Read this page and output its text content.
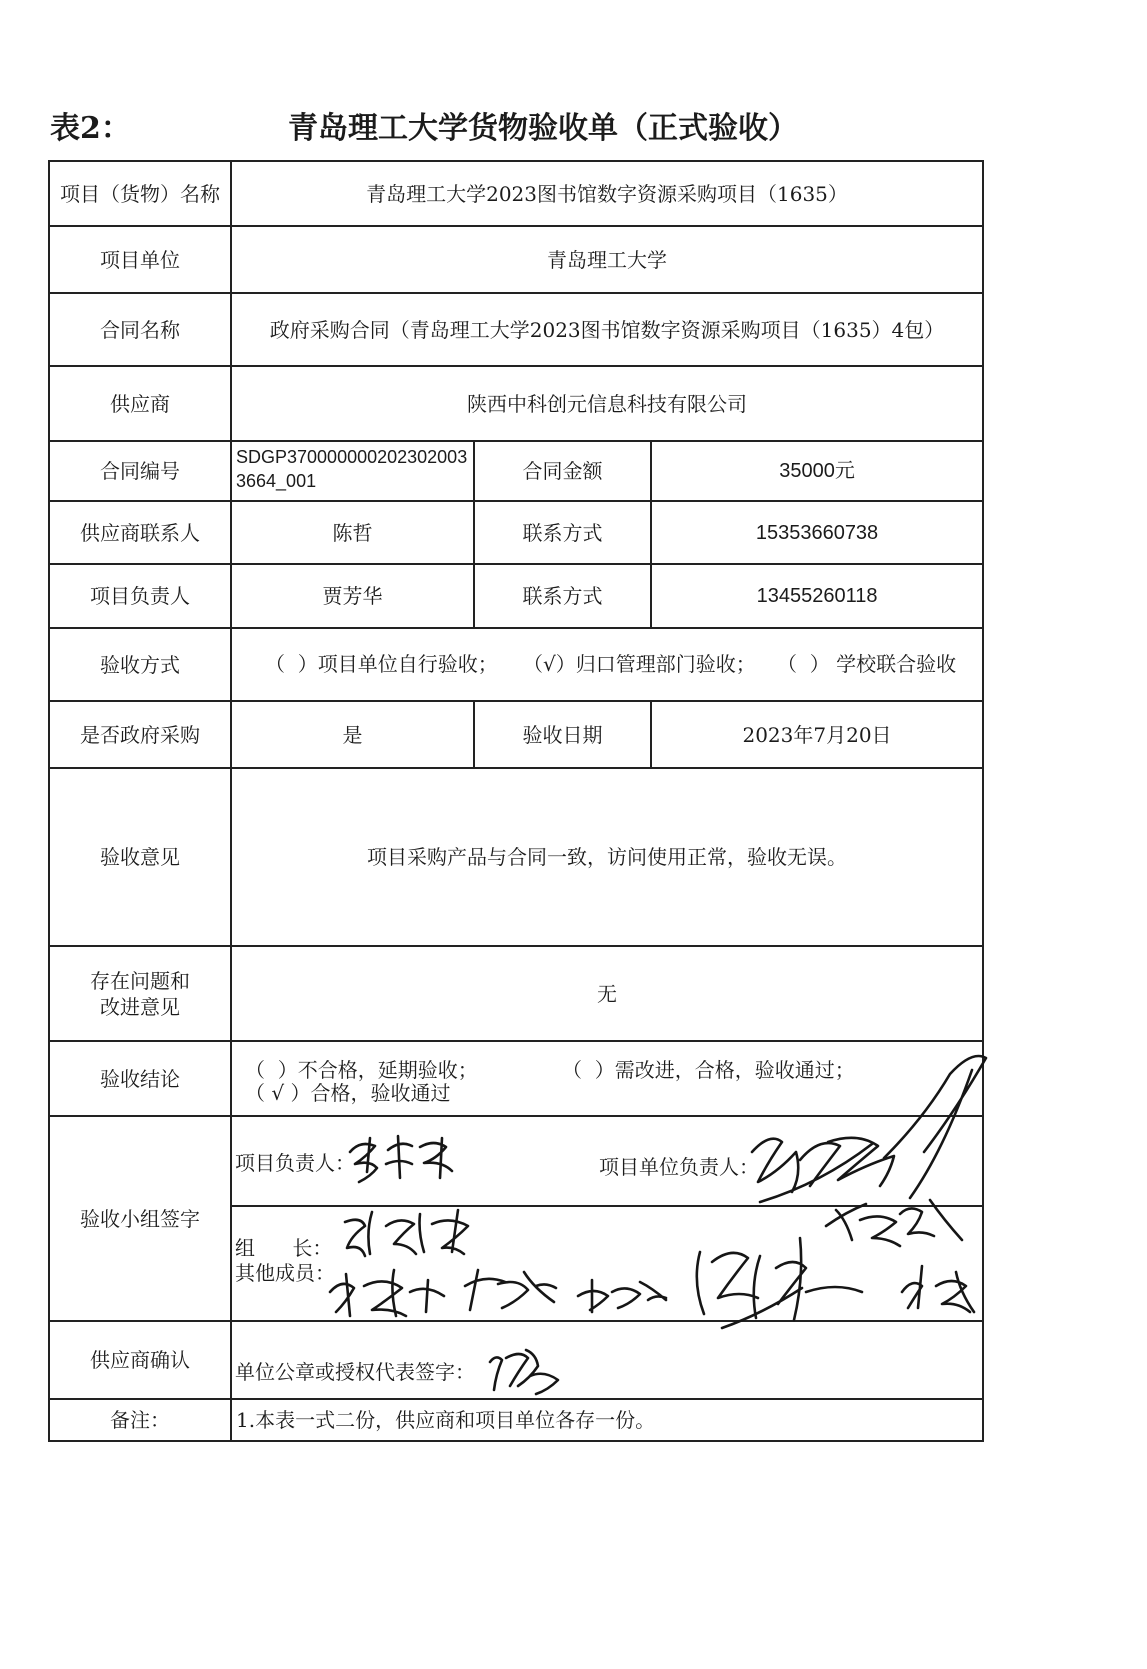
表2：	青岛理工大学货物验收单（正式验收）
项目（货物）名称	青岛理工大学2023图书馆数字资源采购项目（1635）		
项目单位	青岛理工大学		
合同名称	政府采购合同（青岛理工大学2023图书馆数字资源采购项目（1635）4包）		
供应商	陕西中科创元信息科技有限公司		
合同编号	SDGP3700000002023020033664_001	合同金额	35000元
供应商联系人	陈哲	联系方式	15353660738
项目负责人	贾芳华	联系方式	13455260118
验收方式	（  ）项目单位自行验收； （√）归口管理部门验收； （  ） 学校联合验收		

是否政府采购	是	验收日期	2023年7月20日
验收意见	项目采购产品与合同一致，访问使用正常，验收无误。		

存在问题和
改进意见	无		
验收结论	（  ）不合格，延期验收； （  ）需改进，合格，验收通过；
（ √ ）合格，验收通过		

验收小组签字	项目负责人： 项目单位负责人：		

	组    长：
其他成员：		

供应商确认	单位公章或授权代表签字：		

备注：	1.本表一式二份，供应商和项目单位各存一份。		
